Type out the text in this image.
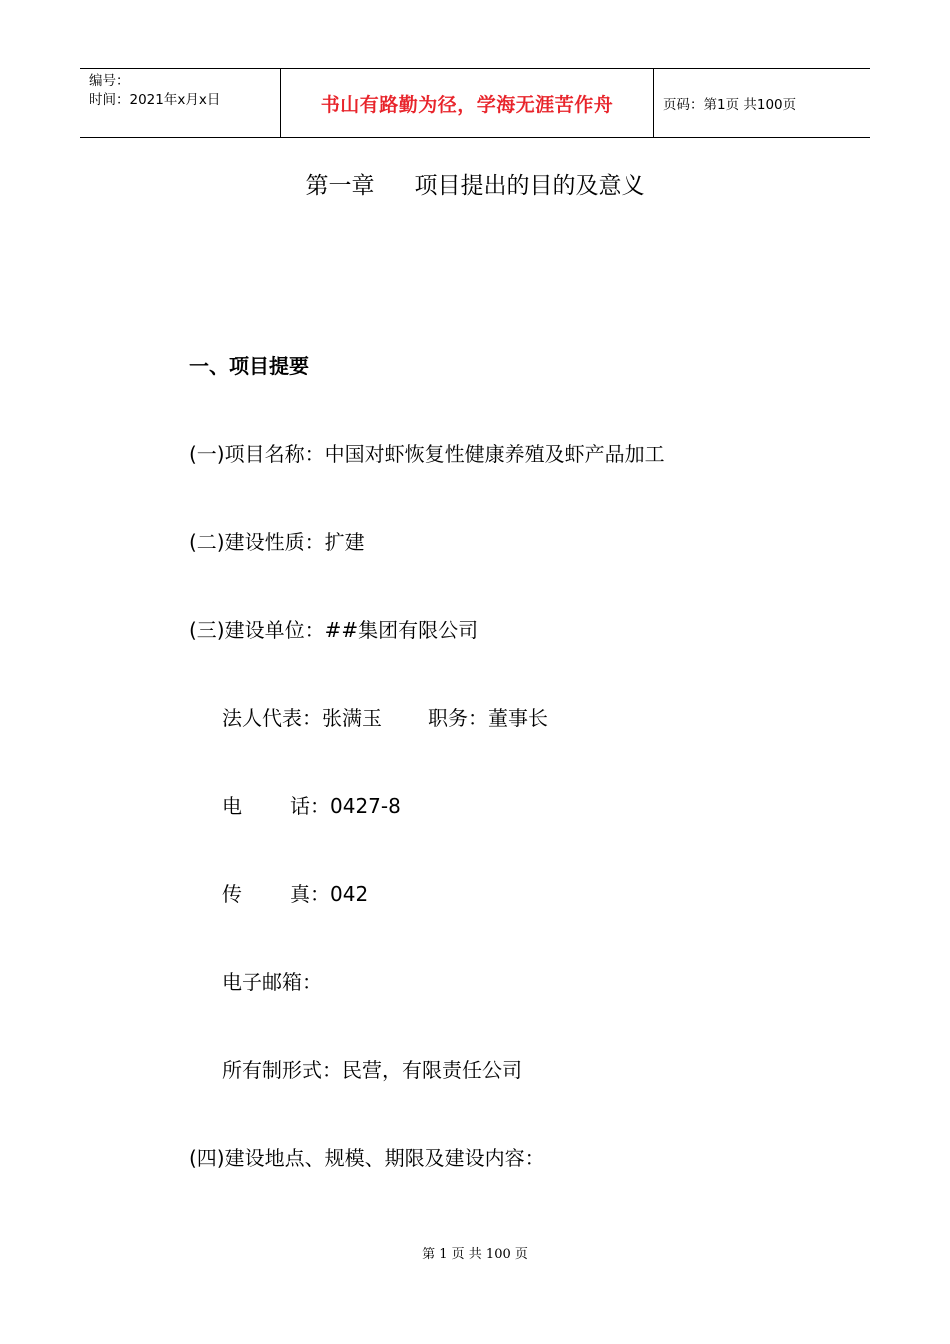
编号：
时间：2021年x月x日	书山有路勤为径，学海无涯苦作舟	页码：第1页 共100页
第一章 项目提出的目的及意义
一、项目提要
(一)项目名称：中国对虾恢复性健康养殖及虾产品加工
(二)建设性质：扩建
(三)建设单位：##集团有限公司
法人代表：张满玉 职务：董事长
电 话：0427-8
传 真：042
电子邮箱：
所有制形式：民营，有限责任公司
(四)建设地点、规模、期限及建设内容：
第 1 页 共 100 页
